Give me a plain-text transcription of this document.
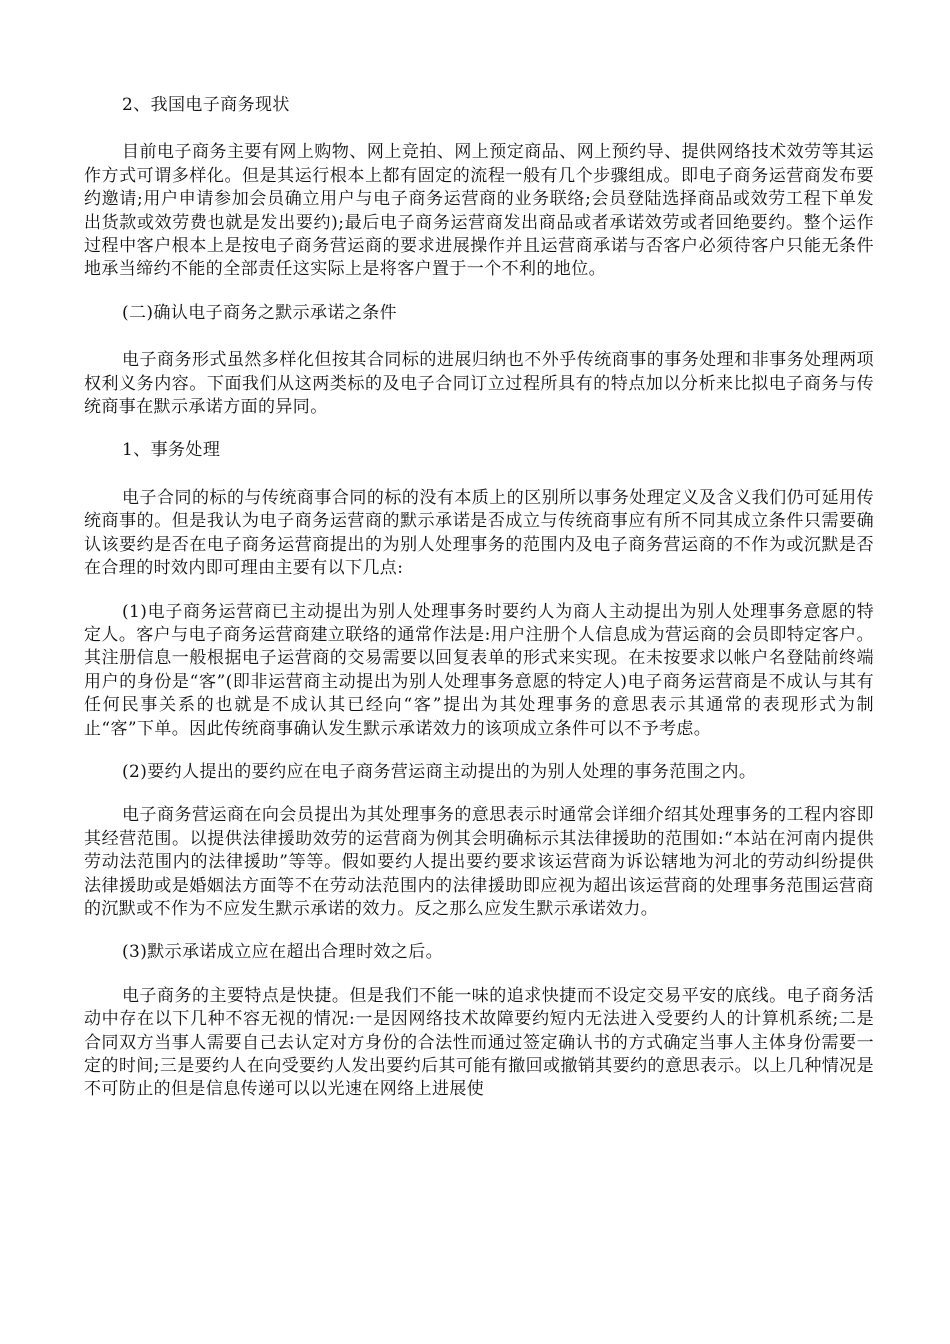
2、我国电子商务现状

目前电子商务主要有网上购物、网上竞拍、网上预定商品、网上预约导、提供网络技术效劳等其运作方式可谓多样化。但是其运行根本上都有固定的流程一般有几个步骤组成。即电子商务运营商发布要约邀请;用户申请参加会员确立用户与电子商务运营商的业务联络;会员登陆选择商品或效劳工程下单发出货款或效劳费也就是发出要约);最后电子商务运营商发出商品或者承诺效劳或者回绝要约。整个运作过程中客户根本上是按电子商务营运商的要求进展操作并且运营商承诺与否客户必须待客户只能无条件地承当缔约不能的全部责任这实际上是将客户置于一个不利的地位。

(二)确认电子商务之默示承诺之条件

电子商务形式虽然多样化但按其合同标的进展归纳也不外乎传统商事的事务处理和非事务处理两项权利义务内容。下面我们从这两类标的及电子合同订立过程所具有的特点加以分析来比拟电子商务与传统商事在默示承诺方面的异同。

1、事务处理

电子合同的标的与传统商事合同的标的没有本质上的区别所以事务处理定义及含义我们仍可延用传统商事的。但是我认为电子商务运营商的默示承诺是否成立与传统商事应有所不同其成立条件只需要确认该要约是否在电子商务运营商提出的为别人处理事务的范围内及电子商务营运商的不作为或沉默是否在合理的时效内即可理由主要有以下几点:

(1)电子商务运营商已主动提出为别人处理事务时要约人为商人主动提出为别人处理事务意愿的特定人。客户与电子商务运营商建立联络的通常作法是:用户注册个人信息成为营运商的会员即特定客户。其注册信息一般根据电子运营商的交易需要以回复表单的形式来实现。在未按要求以帐户名登陆前终端用户的身份是“客”(即非运营商主动提出为别人处理事务意愿的特定人)电子商务运营商是不成认与其有任何民事关系的也就是不成认其已经向“客”提出为其处理事务的意思表示其通常的表现形式为制止“客”下单。因此传统商事确认发生默示承诺效力的该项成立条件可以不予考虑。

(2)要约人提出的要约应在电子商务营运商主动提出的为别人处理的事务范围之内。

电子商务营运商在向会员提出为其处理事务的意思表示时通常会详细介绍其处理事务的工程内容即其经营范围。以提供法律援助效劳的运营商为例其会明确标示其法律援助的范围如:“本站在河南内提供劳动法范围内的法律援助”等等。假如要约人提出要约要求该运营商为诉讼辖地为河北的劳动纠纷提供法律援助或是婚姻法方面等不在劳动法范围内的法律援助即应视为超出该运营商的处理事务范围运营商的沉默或不作为不应发生默示承诺的效力。反之那么应发生默示承诺效力。

(3)默示承诺成立应在超出合理时效之后。

电子商务的主要特点是快捷。但是我们不能一味的追求快捷而不设定交易平安的底线。电子商务活动中存在以下几种不容无视的情况:一是因网络技术故障要约短内无法进入受要约人的计算机系统;二是合同双方当事人需要自己去认定对方身份的合法性而通过签定确认书的方式确定当事人主体身份需要一定的时间;三是要约人在向受要约人发出要约后其可能有撤回或撤销其要约的意思表示。以上几种情况是不可防止的但是信息传递可以以光速在网络上进展使
